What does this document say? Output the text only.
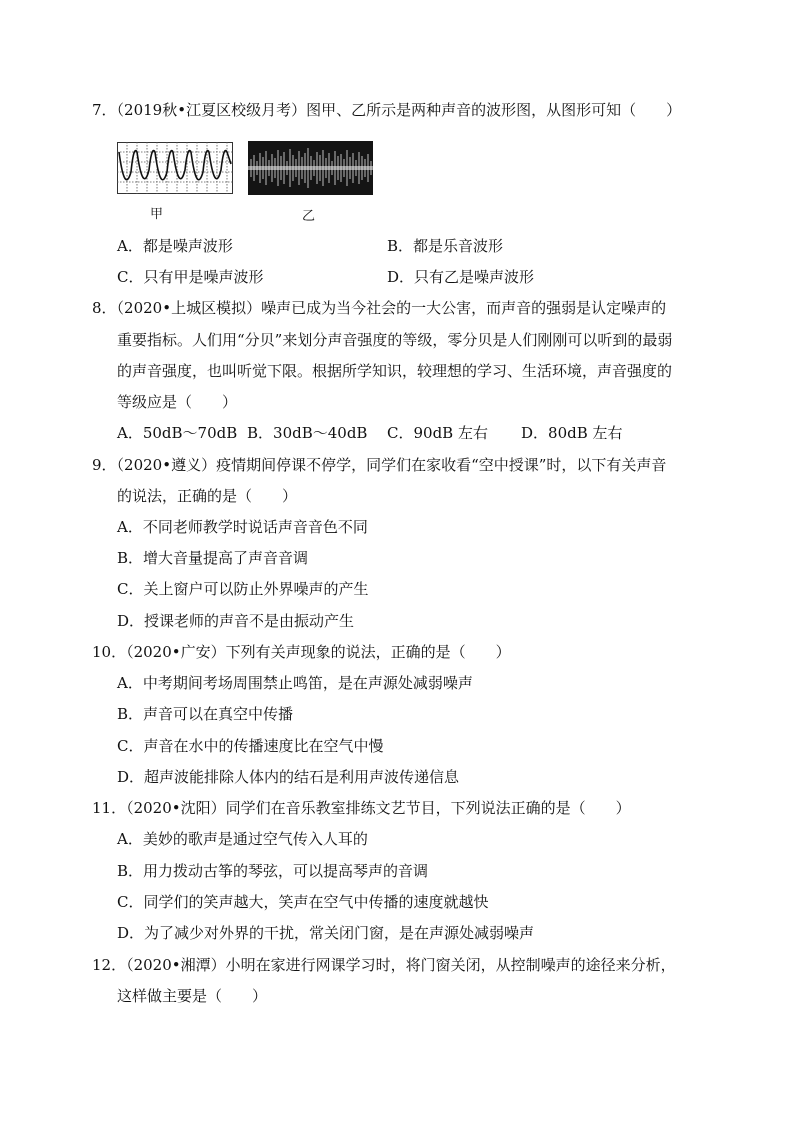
7．（2019秋•江夏区校级月考）图甲、乙所示是两种声音的波形图，从图形可知（　　）
甲	乙
A．都是噪声波形	B．都是乐音波形
C．只有甲是噪声波形	D．只有乙是噪声波形
8．（2020•上城区模拟）噪声已成为当今社会的一大公害，而声音的强弱是认定噪声的
重要指标。人们用“分贝”来划分声音强度的等级，零分贝是人们刚刚可以听到的最弱
的声音强度，也叫听觉下限。根据所学知识，较理想的学习、生活环境，声音强度的
等级应是（　　）
A．50dB～70dB B．30dB～40dB C．90dB 左右 D．80dB 左右
9．（2020•遵义）疫情期间停课不停学，同学们在家收看“空中授课”时，以下有关声音
的说法，正确的是（　　）
A．不同老师教学时说话声音音色不同
B．增大音量提高了声音音调
C．关上窗户可以防止外界噪声的产生
D．授课老师的声音不是由振动产生
10．（2020•广安）下列有关声现象的说法，正确的是（　　）
A．中考期间考场周围禁止鸣笛，是在声源处减弱噪声
B．声音可以在真空中传播
C．声音在水中的传播速度比在空气中慢
D．超声波能排除人体内的结石是利用声波传递信息
11．（2020•沈阳）同学们在音乐教室排练文艺节目，下列说法正确的是（　　）
A．美妙的歌声是通过空气传入人耳的
B．用力拨动古筝的琴弦，可以提高琴声的音调
C．同学们的笑声越大，笑声在空气中传播的速度就越快
D．为了减少对外界的干扰，常关闭门窗，是在声源处减弱噪声
12．（2020•湘潭）小明在家进行网课学习时，将门窗关闭，从控制噪声的途径来分析，
这样做主要是（　　）
